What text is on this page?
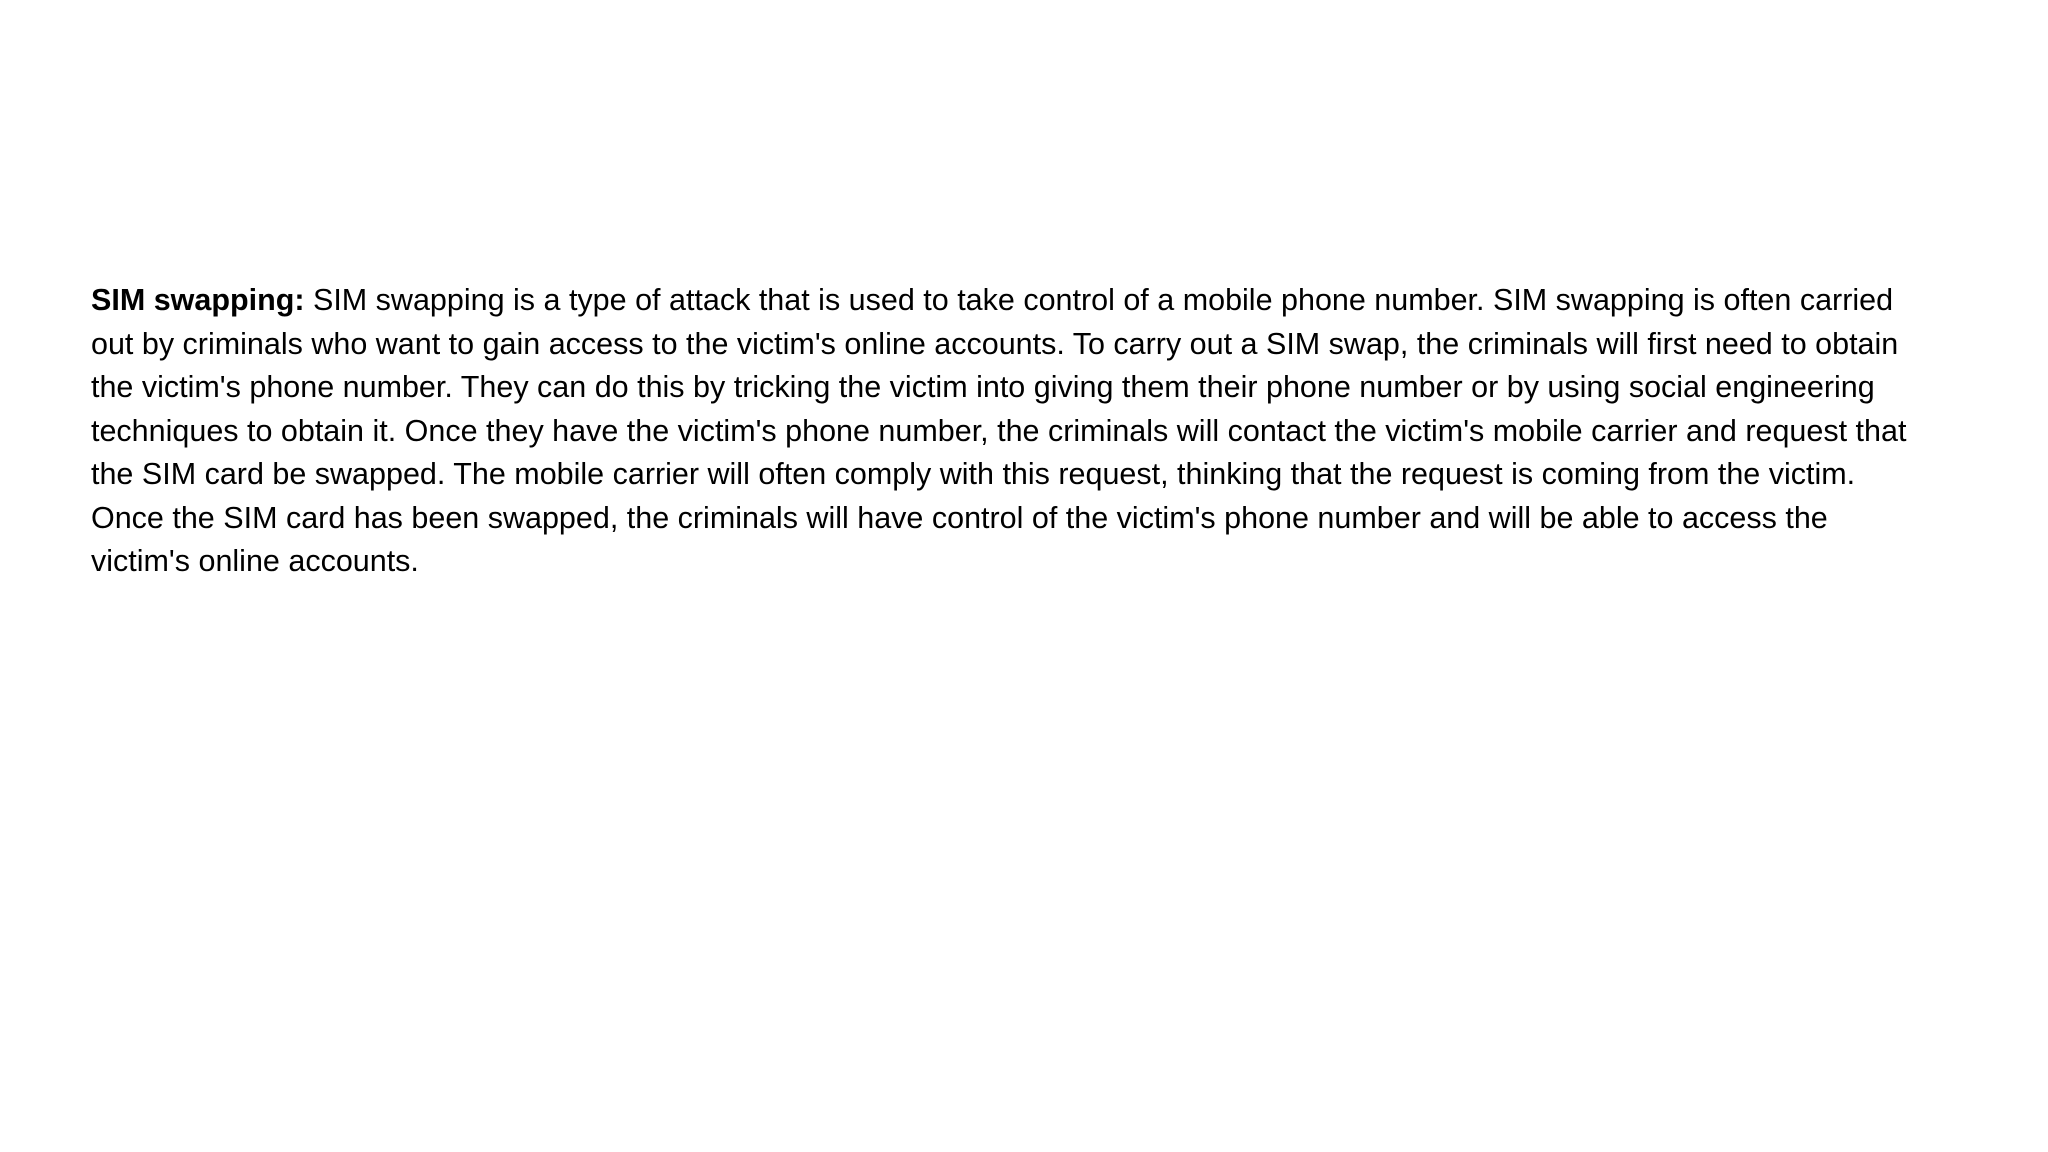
SIM swapping: SIM swapping is a type of attack that is used to take control of a mobile phone number. SIM swapping is often carried
out by criminals who want to gain access to the victim's online accounts. To carry out a SIM swap, the criminals will first need to obtain
the victim's phone number. They can do this by tricking the victim into giving them their phone number or by using social engineering
techniques to obtain it. Once they have the victim's phone number, the criminals will contact the victim's mobile carrier and request that
the SIM card be swapped. The mobile carrier will often comply with this request, thinking that the request is coming from the victim.
Once the SIM card has been swapped, the criminals will have control of the victim's phone number and will be able to access the
victim's online accounts.
